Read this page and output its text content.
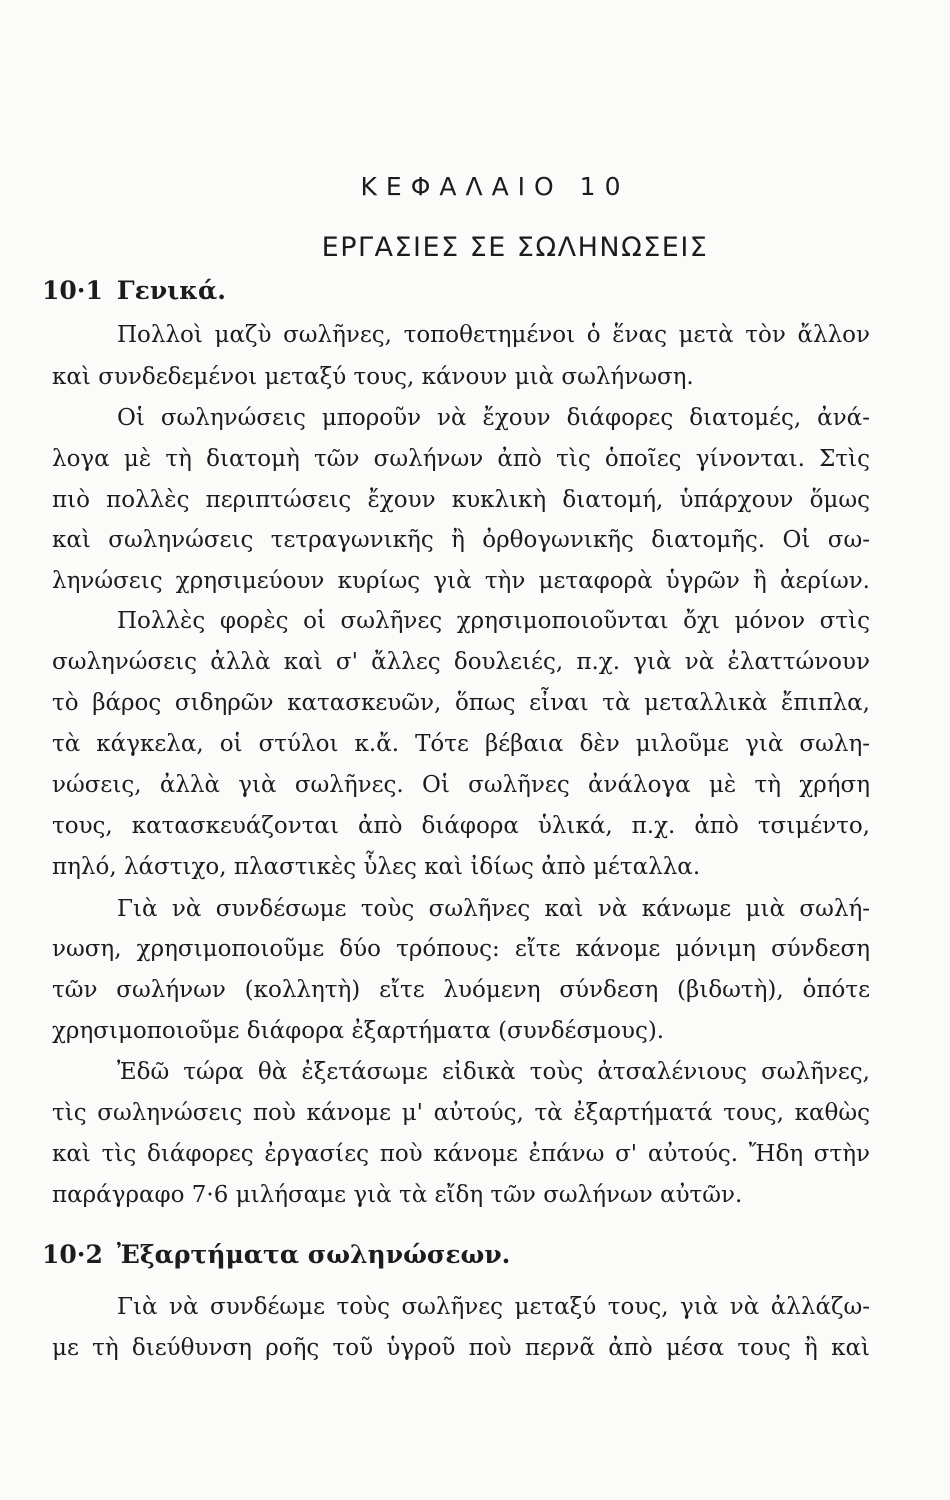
ΚΕΦΑΛΑΙΟ 10
ΕΡΓΑΣΙΕΣ ΣΕ ΣΩΛΗΝΩΣΕΙΣ
10·1 Γενικά.
Πολλοὶ μαζὺ σωλῆνες, τοποθετημένοι ὁ ἕνας μετὰ τὸν ἄλλον
καὶ συνδεδεμένοι μεταξύ τους, κάνουν μιὰ σωλήνωση.
Οἱ σωληνώσεις μποροῦν νὰ ἔχουν διάφορες διατομές, ἀνά-
λογα μὲ τὴ διατομὴ τῶν σωλήνων ἀπὸ τὶς ὁποῖες γίνονται. Στὶς
πιὸ πολλὲς περιπτώσεις ἔχουν κυκλικὴ διατομή, ὑπάρχουν ὅμως
καὶ σωληνώσεις τετραγωνικῆς ἢ ὀρθογωνικῆς διατομῆς. Οἱ σω-
ληνώσεις χρησιμεύουν κυρίως γιὰ τὴν μεταφορὰ ὑγρῶν ἢ ἀερίων.
Πολλὲς φορὲς οἱ σωλῆνες χρησιμοποιοῦνται ὄχι μόνον στὶς
σωληνώσεις ἀλλὰ καὶ σ' ἄλλες δουλειές, π.χ. γιὰ νὰ ἐλαττώνουν
τὸ βάρος σιδηρῶν κατασκευῶν, ὅπως εἶναι τὰ μεταλλικὰ ἔπιπλα,
τὰ κάγκελα, οἱ στύλοι κ.ἄ. Τότε βέβαια δὲν μιλοῦμε γιὰ σωλη-
νώσεις, ἀλλὰ γιὰ σωλῆνες. Οἱ σωλῆνες ἀνάλογα μὲ τὴ χρήση
τους, κατασκευάζονται ἀπὸ διάφορα ὑλικά, π.χ. ἀπὸ τσιμέντο,
πηλό, λάστιχο, πλαστικὲς ὗλες καὶ ἰδίως ἀπὸ μέταλλα.
Γιὰ νὰ συνδέσωμε τοὺς σωλῆνες καὶ νὰ κάνωμε μιὰ σωλή-
νωση, χρησιμοποιοῦμε δύο τρόπους: εἴτε κάνομε μόνιμη σύνδεση
τῶν σωλήνων (κολλητὴ) εἴτε λυόμενη σύνδεση (βιδωτὴ), ὁπότε
χρησιμοποιοῦμε διάφορα ἐξαρτήματα (συνδέσμους).
Ἐδῶ τώρα θὰ ἐξετάσωμε εἰδικὰ τοὺς ἀτσαλένιους σωλῆνες,
τὶς σωληνώσεις ποὺ κάνομε μ' αὐτούς, τὰ ἐξαρτήματά τους, καθὼς
καὶ τὶς διάφορες ἐργασίες ποὺ κάνομε ἐπάνω σ' αὐτούς. Ἤδη στὴν
παράγραφο 7·6 μιλήσαμε γιὰ τὰ εἴδη τῶν σωλήνων αὐτῶν.
10·2 Ἐξαρτήματα σωληνώσεων.
Γιὰ νὰ συνδέωμε τοὺς σωλῆνες μεταξύ τους, γιὰ νὰ ἀλλάζω-
με τὴ διεύθυνση ροῆς τοῦ ὑγροῦ ποὺ περνᾶ ἀπὸ μέσα τους ἢ καὶ
